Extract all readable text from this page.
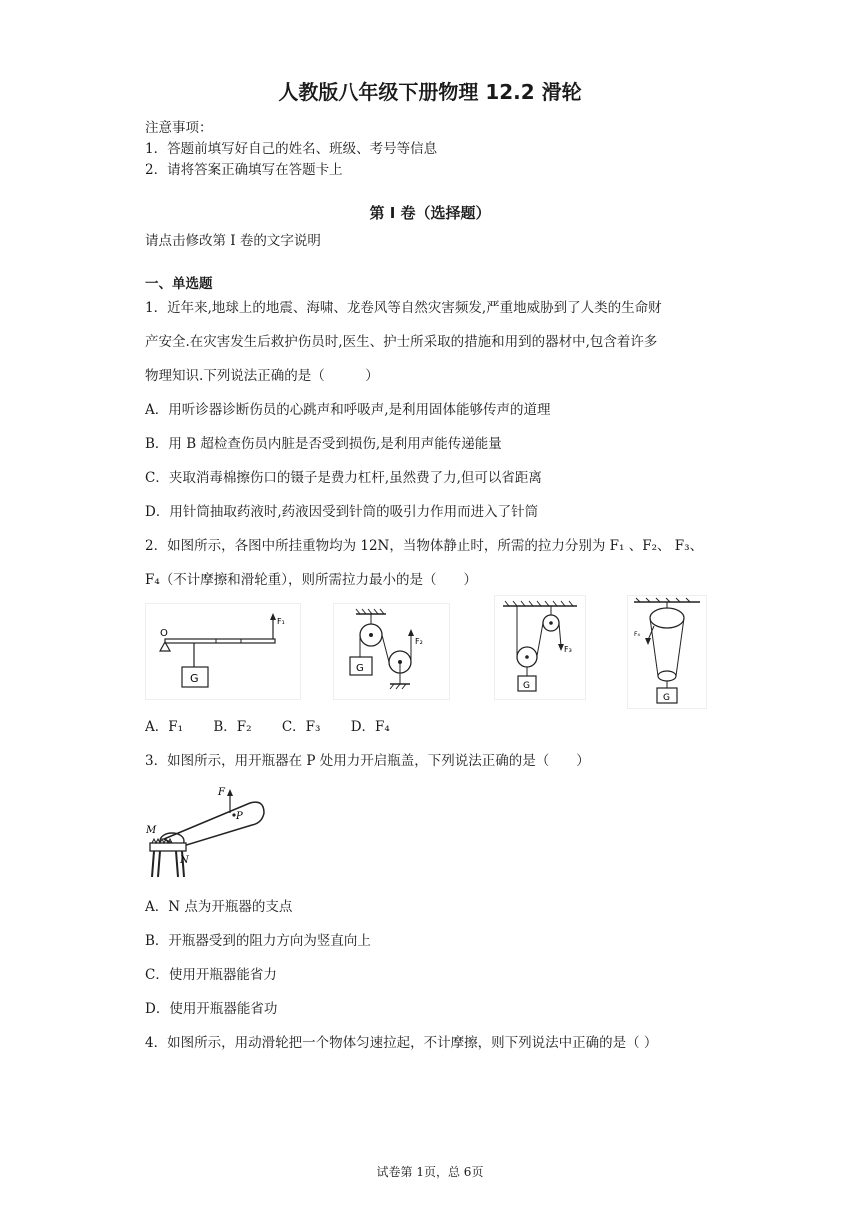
人教版八年级下册物理 12.2 滑轮
注意事项：
1．答题前填写好自己的姓名、班级、考号等信息
2．请将答案正确填写在答题卡上
第 I 卷（选择题）
请点击修改第 I 卷的文字说明
一、单选题
1．近年来,地球上的地震、海啸、龙卷风等自然灾害频发,严重地威胁到了人类的生命财
产安全.在灾害发生后救护伤员时,医生、护士所采取的措施和用到的器材中,包含着许多
物理知识.下列说法正确的是（　　　）
A．用听诊器诊断伤员的心跳声和呼吸声,是利用固体能够传声的道理
B．用 B 超检查伤员内脏是否受到损伤,是利用声能传递能量
C．夹取消毒棉擦伤口的镊子是费力杠杆,虽然费了力,但可以省距离
D．用针筒抽取药液时,药液因受到针筒的吸引力作用而进入了针筒
2．如图所示，各图中所挂重物均为 12N，当物体静止时，所需的拉力分别为 F₁ 、F₂、 F₃、
F₄（不计摩擦和滑轮重），则所需拉力最小的是（　　）
O
G
F₁
G
F₂
G
F₃
F₄
G
A．F₁ B．F₂ C．F₃ D．F₄
3．如图所示，用开瓶器在 P 处用力开启瓶盖，下列说法正确的是（　　）
F
P
M
N
A．N 点为开瓶器的支点
B．开瓶器受到的阻力方向为竖直向上
C．使用开瓶器能省力
D．使用开瓶器能省功
4．如图所示，用动滑轮把一个物体匀速拉起，不计摩擦，则下列说法中正确的是（ ）
试卷第 1页，总 6页
